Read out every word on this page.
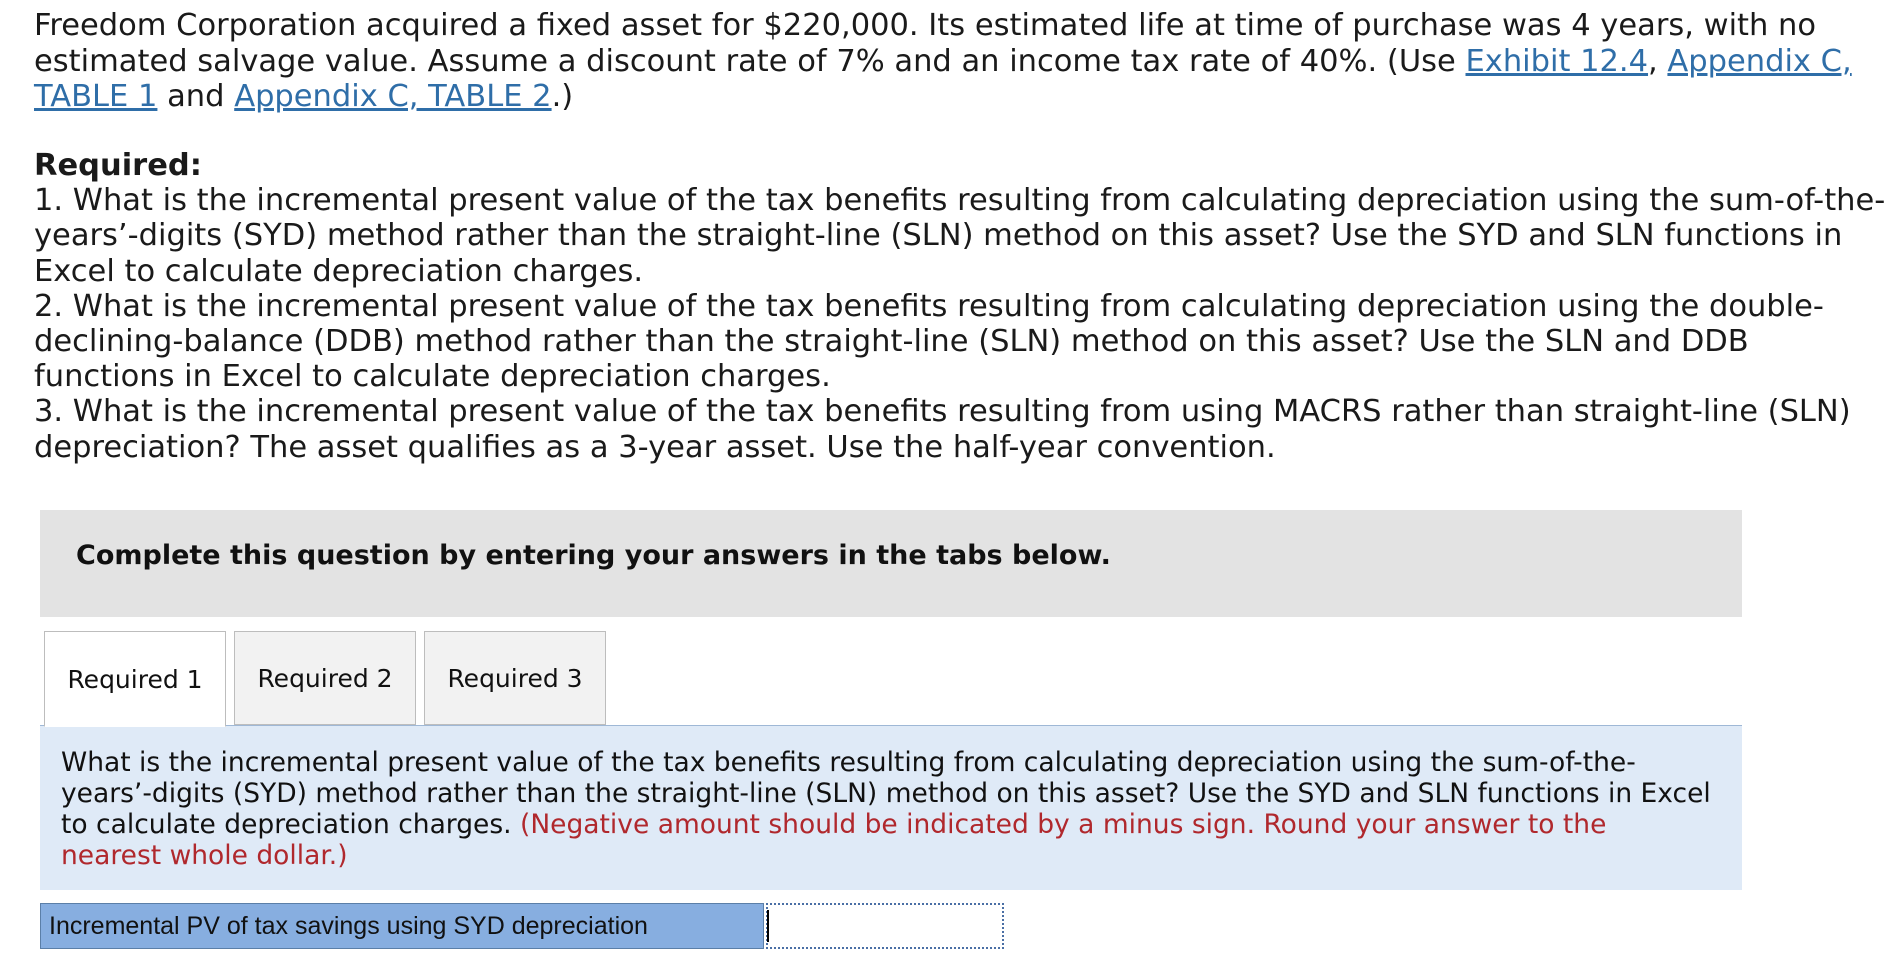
Freedom Corporation acquired a fixed asset for $220,000. Its estimated life at time of purchase was 4 years, with no estimated salvage value. Assume a discount rate of 7% and an income tax rate of 40%. (Use Exhibit 12.4, Appendix C, TABLE 1 and Appendix C, TABLE 2.)
Required:

1. What is the incremental present value of the tax benefits resulting from calculating depreciation using the sum-of-the-years’-digits (SYD) method rather than the straight-line (SLN) method on this asset? Use the SYD and SLN functions in Excel to calculate depreciation charges.

2. What is the incremental present value of the tax benefits resulting from calculating depreciation using the double-declining-balance (DDB) method rather than the straight-line (SLN) method on this asset? Use the SLN and DDB functions in Excel to calculate depreciation charges.

3. What is the incremental present value of the tax benefits resulting from using MACRS rather than straight-line (SLN) depreciation? The asset qualifies as a 3-year asset. Use the half-year convention.

Complete this question by entering your answers in the tabs below.
Required 1	Required 2	Required 3
What is the incremental present value of the tax benefits resulting from calculating depreciation using the sum-of-the-years’-digits (SYD) method rather than the straight-line (SLN) method on this asset? Use the SYD and SLN functions in Excel to calculate depreciation charges. (Negative amount should be indicated by a minus sign. Round your answer to the nearest whole dollar.)
Incremental PV of tax savings using SYD depreciation
